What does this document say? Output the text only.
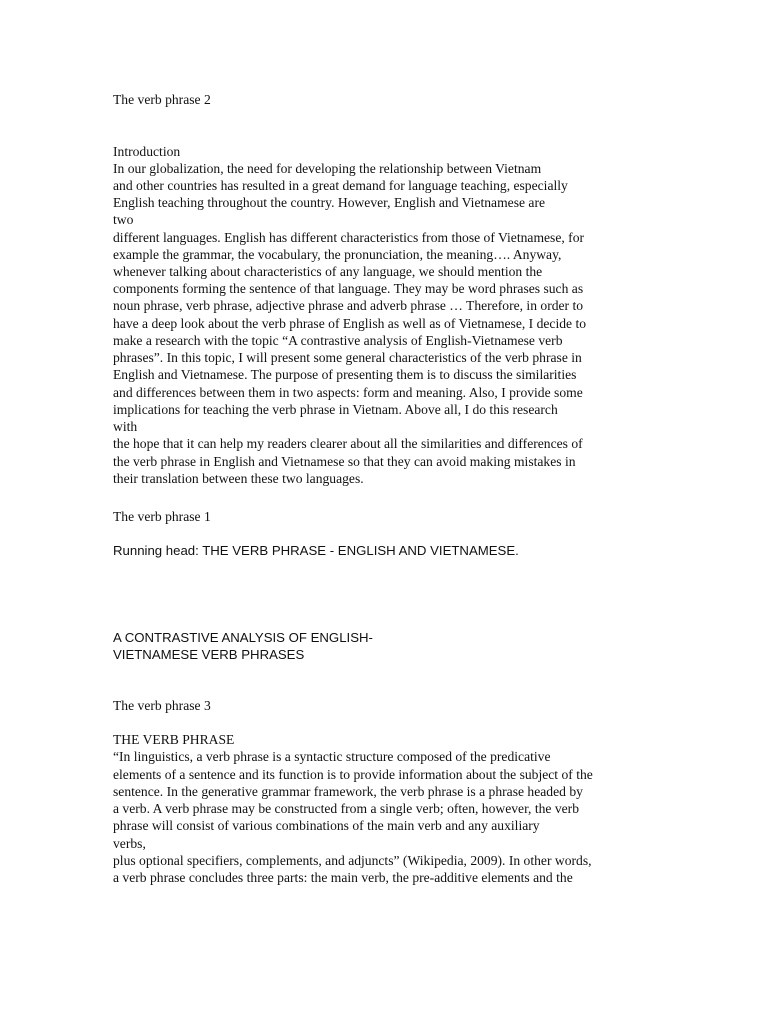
The verb phrase 2
Introduction
In our globalization, the need for developing the relationship between Vietnam
and other countries has resulted in a great demand for language teaching, especially
English teaching throughout the country. However, English and Vietnamese are
two
different languages. English has different characteristics from those of Vietnamese, for
example the grammar, the vocabulary, the pronunciation, the meaning…. Anyway,
whenever talking about characteristics of any language, we should mention the
components forming the sentence of that language. They may be word phrases such as
noun phrase, verb phrase, adjective phrase and adverb phrase … Therefore, in order to
have a deep look about the verb phrase of English as well as of Vietnamese, I decide to
make a research with the topic “A contrastive analysis of English-Vietnamese verb
phrases”. In this topic, I will present some general characteristics of the verb phrase in
English and Vietnamese. The purpose of presenting them is to discuss the similarities
and differences between them in two aspects: form and meaning. Also, I provide some
implications for teaching the verb phrase in Vietnam. Above all, I do this research
with
the hope that it can help my readers clearer about all the similarities and differences of
the verb phrase in English and Vietnamese so that they can avoid making mistakes in
their translation between these two languages.
The verb phrase 1
Running head: THE VERB PHRASE - ENGLISH AND VIETNAMESE.
A CONTRASTIVE ANALYSIS OF ENGLISH-
VIETNAMESE VERB PHRASES
The verb phrase 3
THE VERB PHRASE
“In linguistics, a verb phrase is a syntactic structure composed of the predicative
elements of a sentence and its function is to provide information about the subject of the
sentence. In the generative grammar framework, the verb phrase is a phrase headed by
a verb. A verb phrase may be constructed from a single verb; often, however, the verb
phrase will consist of various combinations of the main verb and any auxiliary
verbs,
plus optional specifiers, complements, and adjuncts” (Wikipedia, 2009). In other words,
a verb phrase concludes three parts: the main verb, the pre-additive elements and the
